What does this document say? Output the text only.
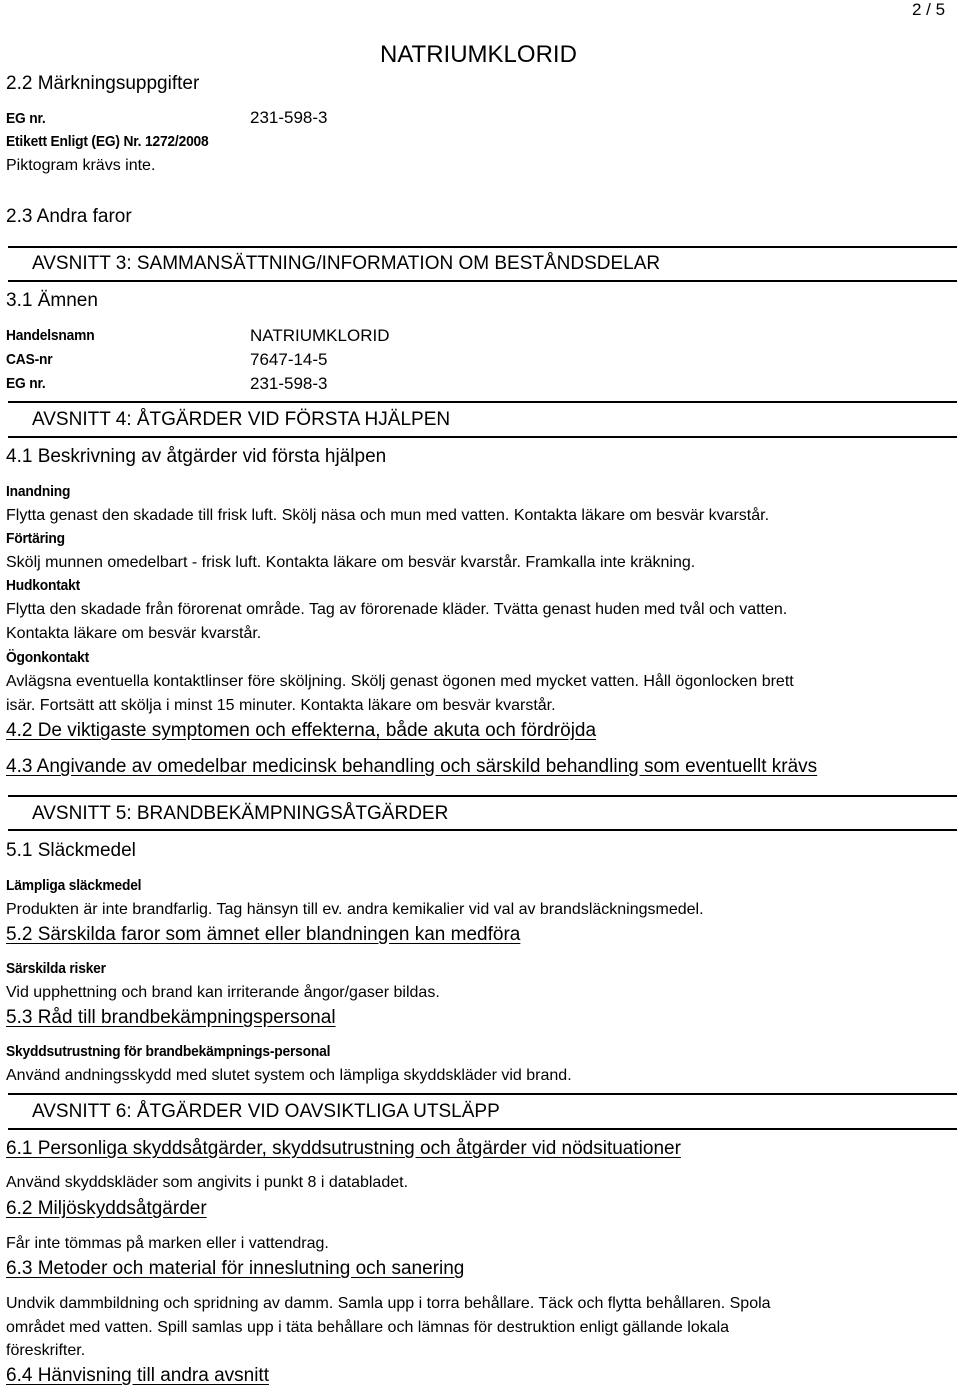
2 / 5
NATRIUMKLORID
2.2 Märkningsuppgifter
EG nr.	231-598-3
Etikett Enligt (EG) Nr. 1272/2008
Piktogram krävs inte.
2.3 Andra faror
AVSNITT 3: SAMMANSÄTTNING/INFORMATION OM BESTÅNDSDELAR
3.1 Ämnen
Handelsnamn	NATRIUMKLORID
CAS-nr	7647-14-5
EG nr.	231-598-3
AVSNITT 4: ÅTGÄRDER VID FÖRSTA HJÄLPEN
4.1 Beskrivning av åtgärder vid första hjälpen
Inandning
Flytta genast den skadade till frisk luft. Skölj näsa och mun med vatten. Kontakta läkare om besvär kvarstår.
Förtäring
Skölj munnen omedelbart - frisk luft. Kontakta läkare om besvär kvarstår. Framkalla inte kräkning.
Hudkontakt
Flytta den skadade från förorenat område. Tag av förorenade kläder. Tvätta genast huden med tvål och vatten.
Kontakta läkare om besvär kvarstår.
Ögonkontakt
Avlägsna eventuella kontaktlinser före sköljning. Skölj genast ögonen med mycket vatten. Håll ögonlocken brett
isär. Fortsätt att skölja i minst 15 minuter. Kontakta läkare om besvär kvarstår.
4.2 De viktigaste symptomen och effekterna, både akuta och fördröjda
4.3 Angivande av omedelbar medicinsk behandling och särskild behandling som eventuellt krävs
AVSNITT 5: BRANDBEKÄMPNINGSÅTGÄRDER
5.1 Släckmedel
Lämpliga släckmedel
Produkten är inte brandfarlig. Tag hänsyn till ev. andra kemikalier vid val av brandsläckningsmedel.
5.2 Särskilda faror som ämnet eller blandningen kan medföra
Särskilda risker
Vid upphettning och brand kan irriterande ångor/gaser bildas.
5.3 Råd till brandbekämpningspersonal
Skyddsutrustning för brandbekämpnings-personal
Använd andningsskydd med slutet system och lämpliga skyddskläder vid brand.
AVSNITT 6: ÅTGÄRDER VID OAVSIKTLIGA UTSLÄPP
6.1 Personliga skyddsåtgärder, skyddsutrustning och åtgärder vid nödsituationer
Använd skyddskläder som angivits i punkt 8 i databladet.
6.2 Miljöskyddsåtgärder
Får inte tömmas på marken eller i vattendrag.
6.3 Metoder och material för inneslutning och sanering
Undvik dammbildning och spridning av damm. Samla upp i torra behållare. Täck och flytta behållaren. Spola
området med vatten. Spill samlas upp i täta behållare och lämnas för destruktion enligt gällande lokala
föreskrifter.
6.4 Hänvisning till andra avsnitt
